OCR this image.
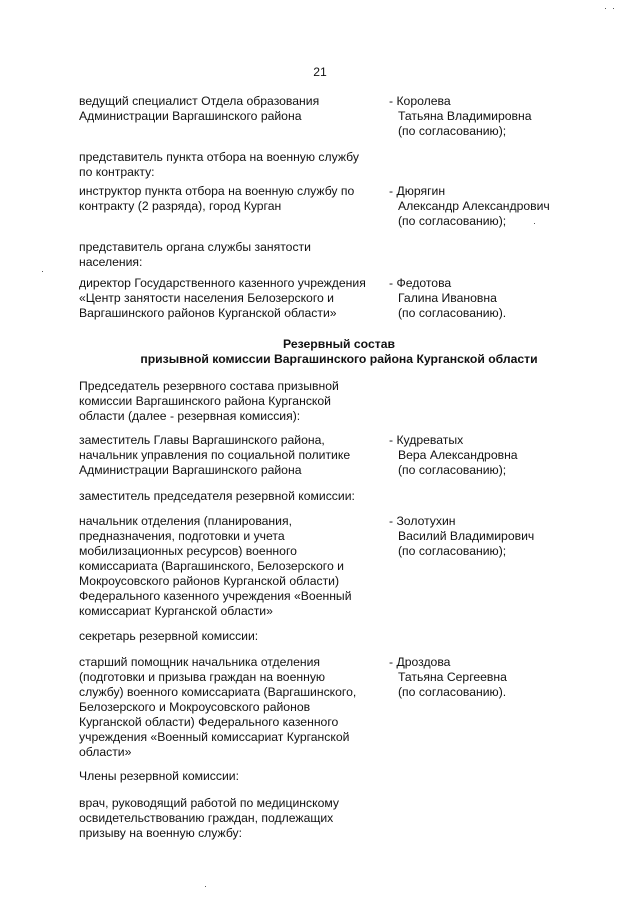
21
ведущий специалист Отдела образования
Администрации Варгашинского района
- Королева
Татьяна Владимировна
(по согласованию);
представитель пункта отбора на военную службу
по контракту:
инструктор пункта отбора на военную службу по
контракту (2 разряда), город Курган
- Дюрягин
Александр Александрович
(по согласованию);
представитель органа службы занятости
населения:
директор Государственного казенного учреждения
«Центр занятости населения Белозерского и
Варгашинского районов Курганской области»
- Федотова
Галина Ивановна
(по согласованию).
Резервный состав
призывной комиссии Варгашинского района Курганской области
Председатель резервного состава призывной
комиссии Варгашинского района Курганской
области (далее - резервная комиссия):
заместитель Главы Варгашинского района,
начальник управления по социальной политике
Администрации Варгашинского района
- Кудреватых
Вера Александровна
(по согласованию);
заместитель председателя резервной комиссии:
начальник отделения (планирования,
предназначения, подготовки и учета
мобилизационных ресурсов) военного
комиссариата (Варгашинского, Белозерского и
Мокроусовского районов Курганской области)
Федерального казенного учреждения «Военный
комиссариат Курганской области»
- Золотухин
Василий Владимирович
(по согласованию);
секретарь резервной комиссии:
старший помощник начальника отделения
(подготовки и призыва граждан на военную
службу) военного комиссариата (Варгашинского,
Белозерского и Мокроусовского районов
Курганской области) Федерального казенного
учреждения «Военный комиссариат Курганской
области»
- Дроздова
Татьяна Сергеевна
(по согласованию).
Члены резервной комиссии:
врач, руководящий работой по медицинскому
освидетельствованию граждан, подлежащих
призыву на военную службу:
